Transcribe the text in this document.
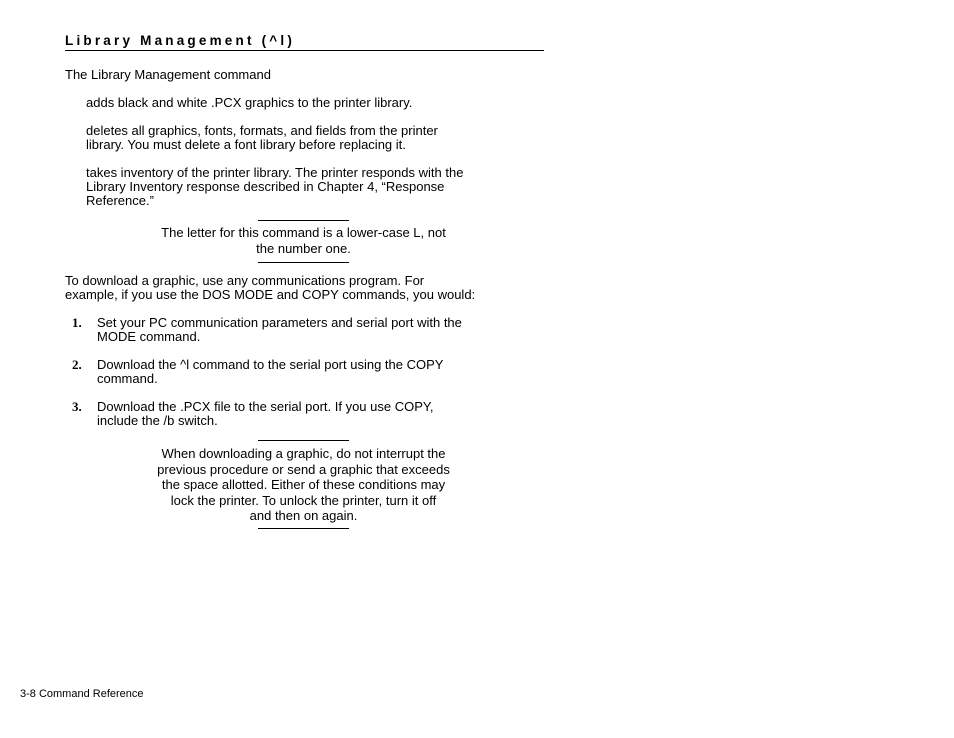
Library Management (^l)

The Library Management command

adds black and white .PCX graphics to the printer library.

deletes all graphics, fonts, formats, and fields from the printer
library. You must delete a font library before replacing it.

takes inventory of the printer library. The printer responds with the
Library Inventory response described in Chapter 4, “Response
Reference.”

The letter for this command is a lower-case L, not
the number one.

To download a graphic, use any communications program. For
example, if you use the DOS MODE and COPY commands, you would:

1. Set your PC communication parameters and serial port with the
MODE command.

2. Download the ^l command to the serial port using the COPY
command.

3. Download the .PCX file to the serial port. If you use COPY,
include the /b switch.

When downloading a graphic, do not interrupt the
previous procedure or send a graphic that exceeds
the space allotted. Either of these conditions may
lock the printer. To unlock the printer, turn it off
and then on again.

3-8 Command Reference
